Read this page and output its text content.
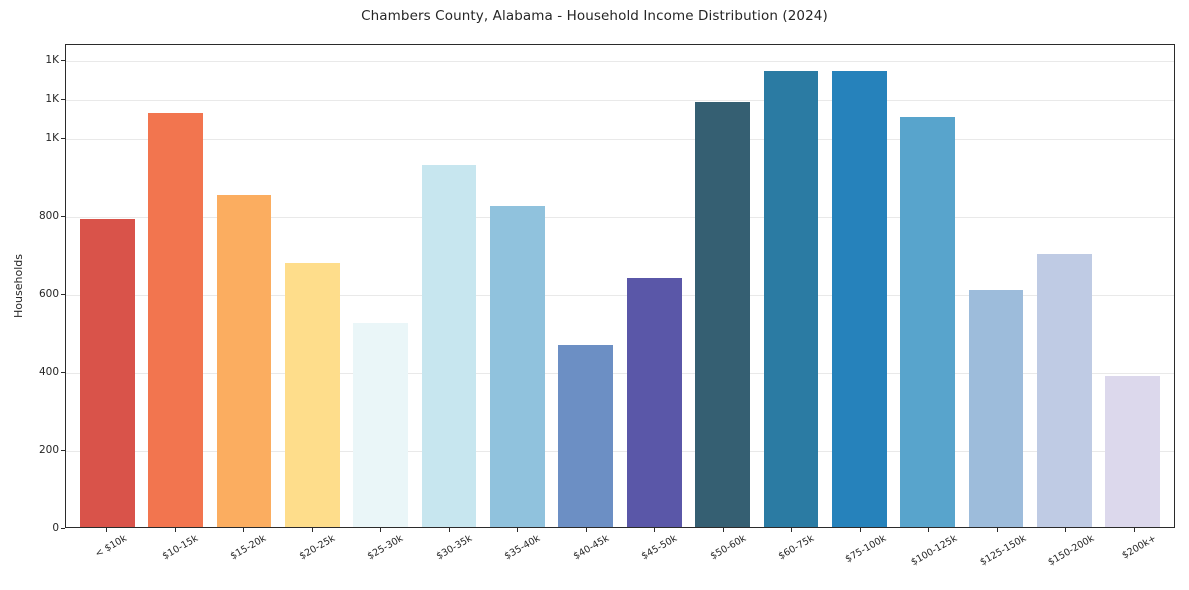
Chambers County, Alabama - Household Income Distribution (2024)
Households
0
200
400
600
800
1K
1K
1K
< $10k	$10-15k	$15-20k	$20-25k	$25-30k	$30-35k	$35-40k	$40-45k	$45-50k	$50-60k	$60-75k	$75-100k $100-125k $125-150k $150-200k $200k+
